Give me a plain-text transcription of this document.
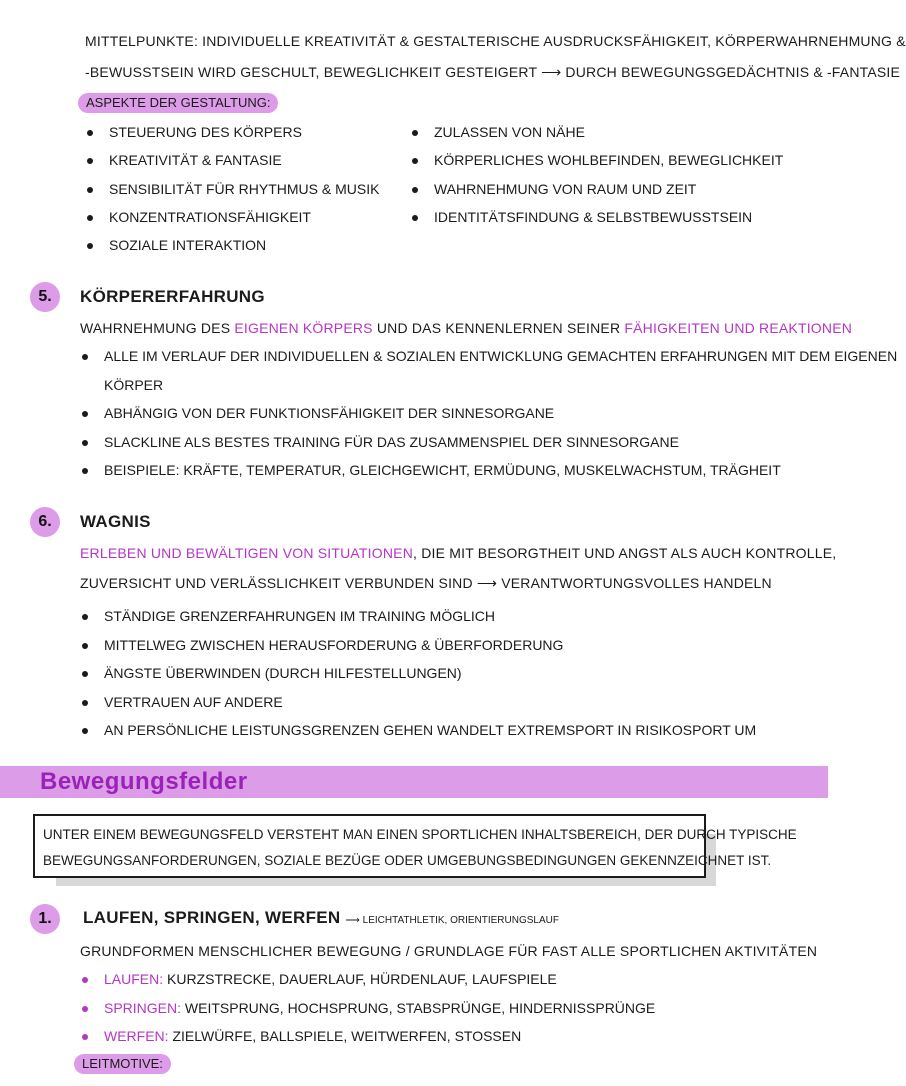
MITTELPUNKTE: INDIVIDUELLE KREATIVITÄT & GESTALTERISCHE AUSDRUCKSFÄHIGKEIT, KÖRPERWAHRNEHMUNG &
-BEWUSSTSEIN WIRD GESCHULT, BEWEGLICHKEIT GESTEIGERT ⟶ DURCH BEWEGUNGSGEDÄCHTNIS & -FANTASIE
ASPEKTE DER GESTALTUNG:
STEUERUNG DES KÖRPERS
KREATIVITÄT & FANTASIE
SENSIBILITÄT FÜR RHYTHMUS & MUSIK
KONZENTRATIONSFÄHIGKEIT
SOZIALE INTERAKTION
ZULASSEN VON NÄHE
KÖRPERLICHES WOHLBEFINDEN, BEWEGLICHKEIT
WAHRNEHMUNG VON RAUM UND ZEIT
IDENTITÄTSFINDUNG & SELBSTBEWUSSTSEIN
5.	KÖRPERERFAHRUNG
WAHRNEHMUNG DES EIGENEN KÖRPERS UND DAS KENNENLERNEN SEINER FÄHIGKEITEN UND REAKTIONEN
ALLE IM VERLAUF DER INDIVIDUELLEN & SOZIALEN ENTWICKLUNG GEMACHTEN ERFAHRUNGEN MIT DEM EIGENEN
KÖRPER
ABHÄNGIG VON DER FUNKTIONSFÄHIGKEIT DER SINNESORGANE
SLACKLINE ALS BESTES TRAINING FÜR DAS ZUSAMMENSPIEL DER SINNESORGANE
BEISPIELE: KRÄFTE, TEMPERATUR, GLEICHGEWICHT, ERMÜDUNG, MUSKELWACHSTUM, TRÄGHEIT
6.	WAGNIS
ERLEBEN UND BEWÄLTIGEN VON SITUATIONEN, DIE MIT BESORGTHEIT UND ANGST ALS AUCH KONTROLLE,
ZUVERSICHT UND VERLÄSSLICHKEIT VERBUNDEN SIND ⟶ VERANTWORTUNGSVOLLES HANDELN
STÄNDIGE GRENZERFAHRUNGEN IM TRAINING MÖGLICH
MITTELWEG ZWISCHEN HERAUSFORDERUNG & ÜBERFORDERUNG
ÄNGSTE ÜBERWINDEN (DURCH HILFESTELLUNGEN)
VERTRAUEN AUF ANDERE
AN PERSÖNLICHE LEISTUNGSGRENZEN GEHEN WANDELT EXTREMSPORT IN RISIKOSPORT UM
Bewegungsfelder
UNTER EINEM BEWEGUNGSFELD VERSTEHT MAN EINEN SPORTLICHEN INHALTSBEREICH, DER DURCH TYPISCHE
BEWEGUNGSANFORDERUNGEN, SOZIALE BEZÜGE ODER UMGEBUNGSBEDINGUNGEN GEKENNZEICHNET IST.
1.	LAUFEN, SPRINGEN, WERFEN ⟶ LEICHTATHLETIK, ORIENTIERUNGSLAUF
GRUNDFORMEN MENSCHLICHER BEWEGUNG / GRUNDLAGE FÜR FAST ALLE SPORTLICHEN AKTIVITÄTEN
LAUFEN: KURZSTRECKE, DAUERLAUF, HÜRDENLAUF, LAUFSPIELE
SPRINGEN: WEITSPRUNG, HOCHSPRUNG, STABSPRÜNGE, HINDERNISSPRÜNGE
WERFEN: ZIELWÜRFE, BALLSPIELE, WEITWERFEN, STOSSEN
LEITMOTIVE:
